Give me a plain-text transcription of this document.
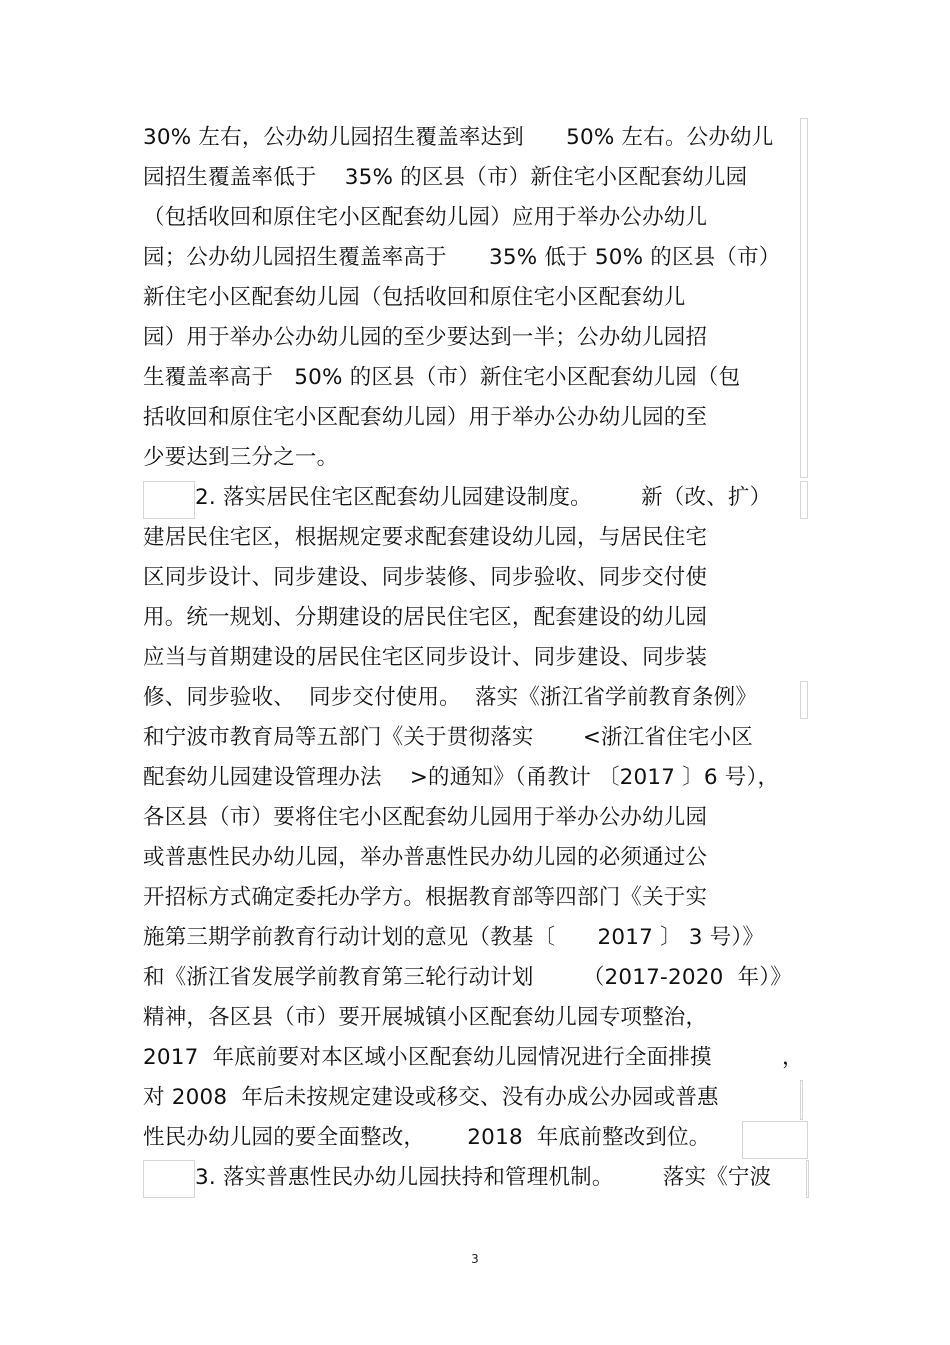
30% 左右，公办幼儿园招生覆盖率达到      50% 左右。公办幼儿
园招生覆盖率低于    35% 的区县（市）新住宅小区配套幼儿园
（包括收回和原住宅小区配套幼儿园）应用于举办公办幼儿
园；公办幼儿园招生覆盖率高于      35% 低于 50% 的区县（市）
新住宅小区配套幼儿园（包括收回和原住宅小区配套幼儿
园）用于举办公办幼儿园的至少要达到一半；公办幼儿园招
生覆盖率高于   50% 的区县（市）新住宅小区配套幼儿园（包
括收回和原住宅小区配套幼儿园）用于举办公办幼儿园的至
少要达到三分之一。
2. 落实居民住宅区配套幼儿园建设制度。       新（改、扩）
建居民住宅区，根据规定要求配套建设幼儿园，与居民住宅
区同步设计、同步建设、同步装修、同步验收、同步交付使
用。统一规划、分期建设的居民住宅区，配套建设的幼儿园
应当与首期建设的居民住宅区同步设计、同步建设、同步装
修、同步验收、  同步交付使用。  落实《浙江省学前教育条例》
和宁波市教育局等五部门《关于贯彻落实       <浙江省住宅小区
配套幼儿园建设管理办法    >的通知》（甬教计 〔2017 〕6 号），
各区县（市）要将住宅小区配套幼儿园用于举办公办幼儿园
或普惠性民办幼儿园，举办普惠性民办幼儿园的必须通过公
开招标方式确定委托办学方。根据教育部等四部门《关于实
施第三期学前教育行动计划的意见（教基〔      2017 〕 3 号）》
和《浙江省发展学前教育第三轮行动计划       （2017-2020  年）》
精神，各区县（市）要开展城镇小区配套幼儿园专项整治，
2017  年底前要对本区域小区配套幼儿园情况进行全面排摸          ，
对 2008  年后未按规定建设或移交、没有办成公办园或普惠
性民办幼儿园的要全面整改，      2018  年底前整改到位。
3. 落实普惠性民办幼儿园扶持和管理机制。       落实《宁波
3
